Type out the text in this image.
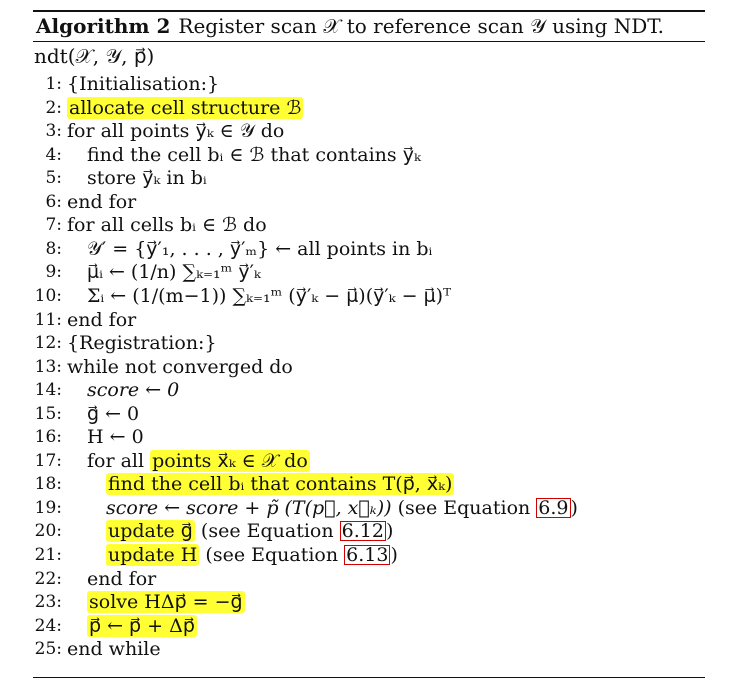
Algorithm 2 Register scan 𝒳 to reference scan 𝒴 using NDT.
ndt(𝒳, 𝒴, p⃗)
1: {Initialisation:}
2: allocate cell structure ℬ
3: for all points y⃗ₖ ∈ 𝒴 do
4: find the cell bᵢ ∈ ℬ that contains y⃗ₖ
5: store y⃗ₖ in bᵢ
6: end for
7: for all cells bᵢ ∈ ℬ do
8: 𝒴′ = {y⃗′₁, . . . , y⃗′ₘ} ← all points in bᵢ
9: μ⃗ᵢ ← (1/n) ∑ₖ₌₁ᵐ y⃗′ₖ
10: Σᵢ ← (1/(m−1)) ∑ₖ₌₁ᵐ (y⃗′ₖ − μ⃗)(y⃗′ₖ − μ⃗)ᵀ
11: end for
12: {Registration:}
13: while not converged do
14: score ← 0
15: g⃗ ← 0
16: H ← 0
17: for all points x⃗ₖ ∈ 𝒳 do
18: find the cell bᵢ that contains T(p⃗, x⃗ₖ)
19: score ← score + p̃ (T(p⃗, x⃗ₖ)) (see Equation 6.9 )
20: update g⃗ (see Equation 6.12 )
21: update H (see Equation 6.13 )
22: end for
23: solve HΔp⃗ = −g⃗
24: p⃗ ← p⃗ + Δp⃗
25: end while
